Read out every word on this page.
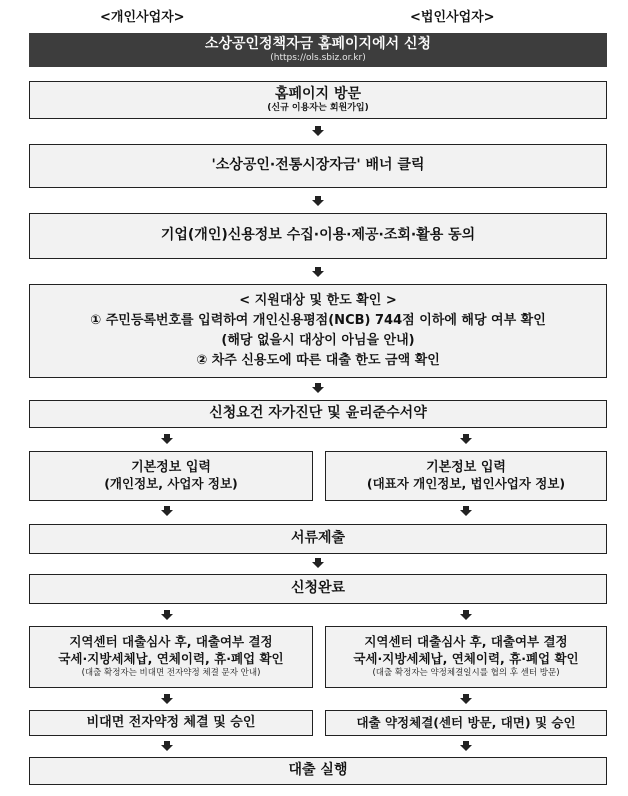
<개인사업자>	<법인사업자>
소상공인정책자금 홈페이지에서 신청
(https://ols.sbiz.or.kr)
홈페이지 방문
(신규 이용자는 회원가입)
'소상공인·전통시장자금' 배너 클릭
기업(개인)신용정보 수집·이용·제공·조회·활용 동의
< 지원대상 및 한도 확인 >
① 주민등록번호를 입력하여 개인신용평점(NCB) 744점 이하에 해당 여부 확인
(해당 없을시 대상이 아님을 안내)
② 차주 신용도에 따른 대출 한도 금액 확인
신청요건 자가진단 및 윤리준수서약
기본정보 입력
(개인정보, 사업자 정보)
기본정보 입력
(대표자 개인정보, 법인사업자 정보)
서류제출
신청완료
지역센터 대출심사 후, 대출여부 결정
국세·지방세체납, 연체이력, 휴·폐업 확인
(대출 확정자는 비대면 전자약정 체결 문자 안내)
지역센터 대출심사 후, 대출여부 결정
국세·지방세체납, 연체이력, 휴·폐업 확인
(대출 확정자는 약정체결일시를 협의 후 센터 방문)
비대면 전자약정 체결 및 승인	대출 약정체결(센터 방문, 대면) 및 승인
대출 실행
